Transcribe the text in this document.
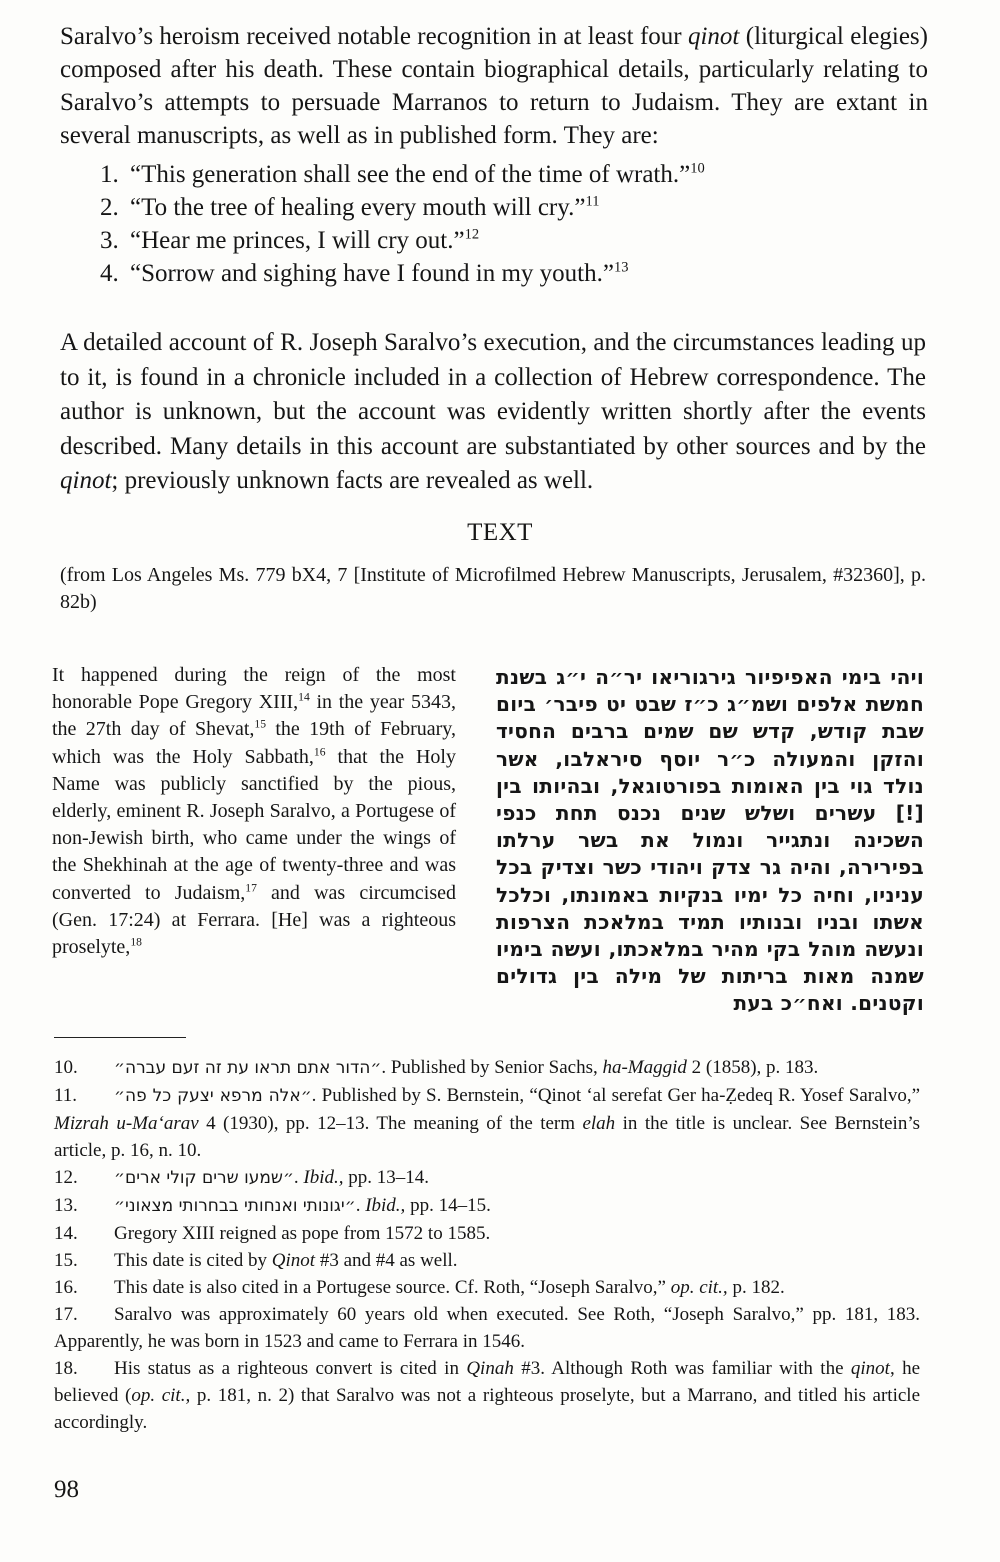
Saralvo’s heroism received notable recognition in at least four qinot (liturgical elegies) composed after his death. These contain biographical details, particularly relating to Saralvo’s attempts to persuade Marranos to return to Judaism. They are extant in several manuscripts, as well as in published form. They are:

1. “This generation shall see the end of the time of wrath.”$^{10}$
2. “To the tree of healing every mouth will cry.”$^{11}$
3. “Hear me princes, I will cry out.”$^{12}$
4. “Sorrow and sighing have I found in my youth.”$^{13}$

A detailed account of R. Joseph Saralvo’s execution, and the circumstances leading up to it, is found in a chronicle included in a collection of Hebrew correspondence. The author is unknown, but the account was evidently written shortly after the events described. Many details in this account are substantiated by other sources and by the qinot; previously unknown facts are revealed as well.

TEXT

(from Los Angeles Ms. 779 bX4, 7 [Institute of Microfilmed Hebrew Manuscripts, Jerusalem, #32360], p. 82b)

It happened during the reign of the most honorable Pope Gregory XIII,$^{14}$ in the year 5343, the 27th day of Shevat,$^{15}$ the 19th of February, which was the Holy Sabbath,$^{16}$ that the Holy Name was publicly sanctified by the pious, elderly, eminent R. Joseph Saralvo, a Portugese of non-Jewish birth, who came under the wings of the Shekhinah at the age of twenty-three and was converted to Judaism,$^{17}$ and was circumcised (Gen. 17:24) at Ferrara. [He] was a righteous proselyte,$^{18}$

ויהי בימי האפיפיור גירגוריאו יר״ה י״ג בשנת חמשת אלפים ושמ״ג כ״ז שבט יט פיבר׳ ביום שבת קודש, קדש שם שמים ברבים החסיד והזקן והמעולה כ״ר יוסף סיראלבו, אשר נולד גוי בין האומות בפורטוגאל, ובהיותו בין [!] עשרים ושלש שנים נכנס תחת כנפי השכינה ונתגייר ונמול את בשר ערלתו בפירירה, והיה גר צדק ויהודי כשר וצדיק בכל עניניו, וחיה כל ימיו בנקיות באמונתו, וכלכל אשתו ובניו ובנותיו תמיד במלאכת הצרפות ונעשה מוהל בקי מהיר במלאכתו, ועשה בימיו שמנה מאות בריתות של מילה בין גדולים וקטנים. ואח״כ בעת

10. ״הדור אתם תראו עת זה זעם עברה״. Published by Senior Sachs, ha-Maggid 2 (1858), p. 183.

11. ״אלה מרפא יצעק כל פה״. Published by S. Bernstein, “Qinot ‘al serefat Ger ha-Ẓedeq R. Yosef Saralvo,” Mizrah u-Ma‘arav 4 (1930), pp. 12–13. The meaning of the term elah in the title is unclear. See Bernstein’s article, p. 16, n. 10.

12. ״שמעו שרים קולי ארים״. Ibid., pp. 13–14.

13. ״יגונותי ואנחותי בבחרותי מצאוני״. Ibid., pp. 14–15.

14. Gregory XIII reigned as pope from 1572 to 1585.

15. This date is cited by Qinot #3 and #4 as well.

16. This date is also cited in a Portugese source. Cf. Roth, “Joseph Saralvo,” op. cit., p. 182.

17. Saralvo was approximately 60 years old when executed. See Roth, “Joseph Saralvo,” pp. 181, 183. Apparently, he was born in 1523 and came to Ferrara in 1546.

18. His status as a righteous convert is cited in Qinah #3. Although Roth was familiar with the qinot, he believed (op. cit., p. 181, n. 2) that Saralvo was not a righteous proselyte, but a Marrano, and titled his article accordingly.

98
